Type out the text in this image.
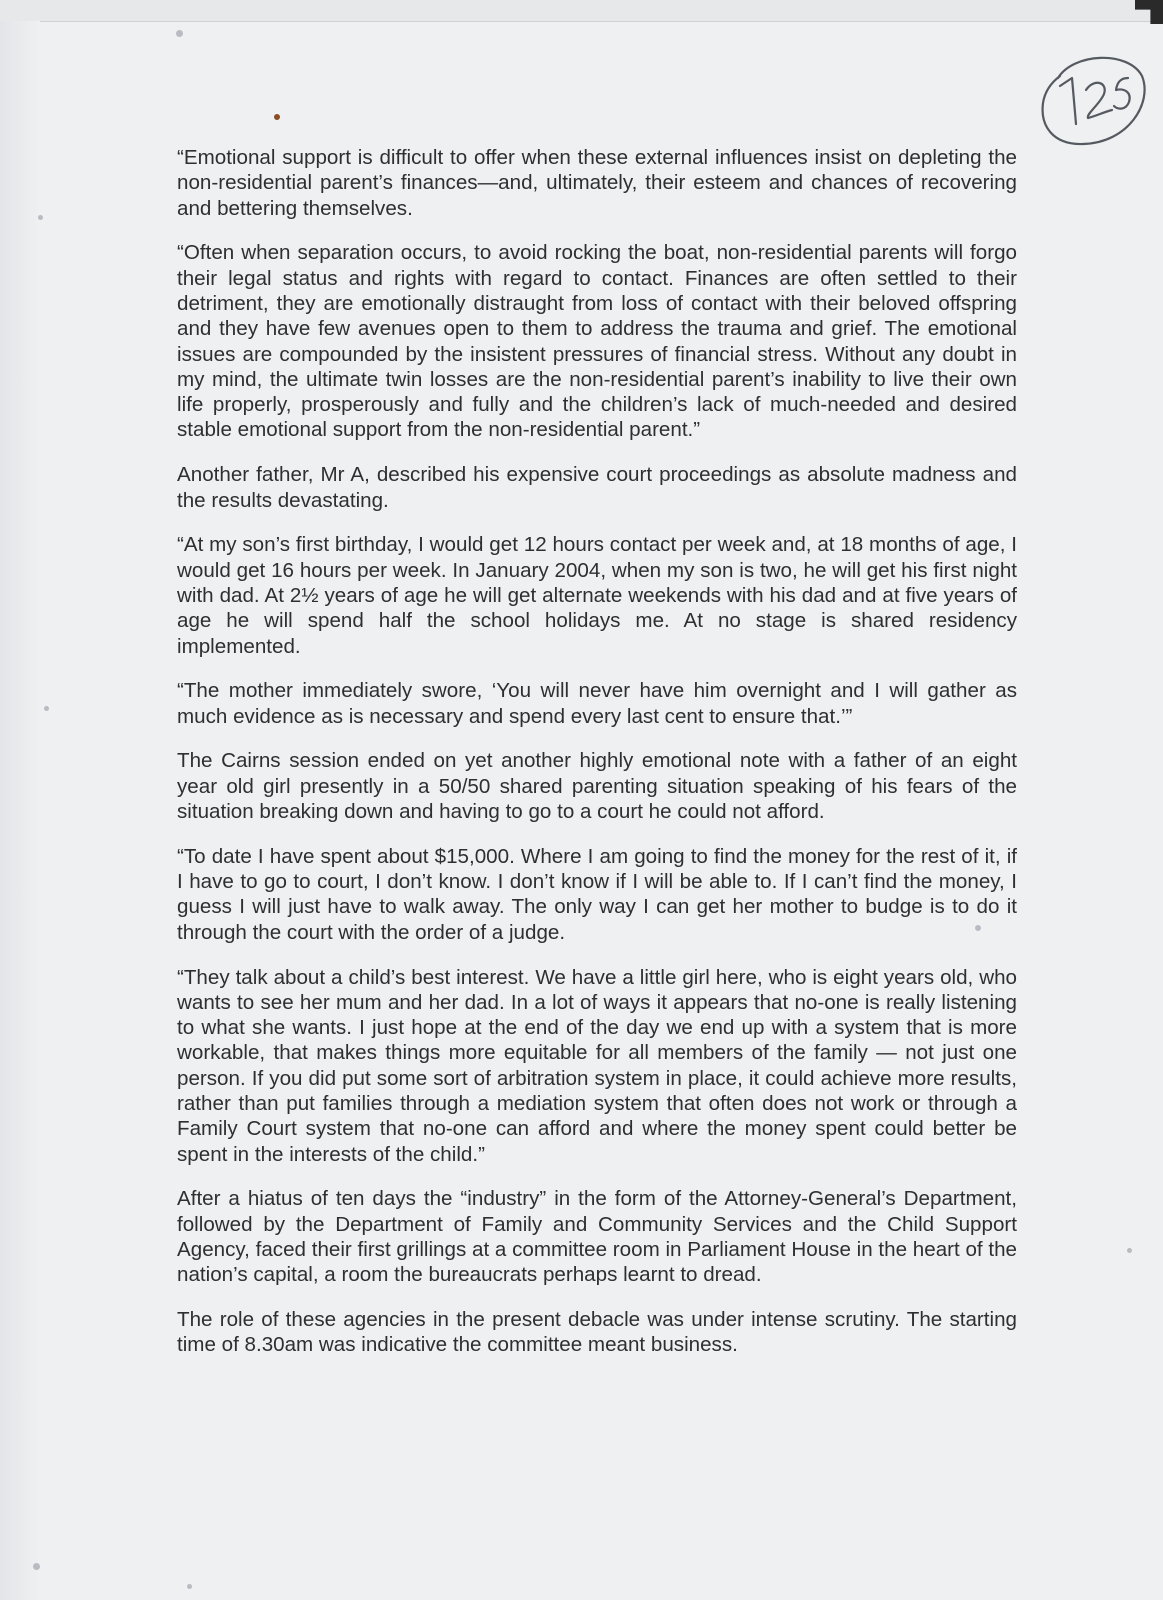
“Emotional support is difficult to offer when these external influences insist on depleting the non-residential parent’s finances—and, ultimately, their esteem and chances of recovering and bettering themselves.

“Often when separation occurs, to avoid rocking the boat, non-residential parents will forgo their legal status and rights with regard to contact. Finances are often settled to their detriment, they are emotionally distraught from loss of contact with their beloved offspring and they have few avenues open to them to address the trauma and grief. The emotional issues are compounded by the insistent pressures of financial stress. Without any doubt in my mind, the ultimate twin losses are the non-residential parent’s inability to live their own life properly, prosperously and fully and the children’s lack of much-needed and desired stable emotional support from the non-residential parent.”

Another father, Mr A, described his expensive court proceedings as absolute madness and the results devastating.

“At my son’s first birthday, I would get 12 hours contact per week and, at 18 months of age, I would get 16 hours per week. In January 2004, when my son is two, he will get his first night with dad. At 2½ years of age he will get alternate weekends with his dad and at five years of age he will spend half the school holidays me. At no stage is shared residency implemented.

“The mother immediately swore, ‘You will never have him overnight and I will gather as much evidence as is necessary and spend every last cent to ensure that.’”

The Cairns session ended on yet another highly emotional note with a father of an eight year old girl presently in a 50/50 shared parenting situation speaking of his fears of the situation breaking down and having to go to a court he could not afford.

“To date I have spent about $15,000. Where I am going to find the money for the rest of it, if I have to go to court, I don’t know. I don’t know if I will be able to. If I can’t find the money, I guess I will just have to walk away. The only way I can get her mother to budge is to do it through the court with the order of a judge.

“They talk about a child’s best interest. We have a little girl here, who is eight years old, who wants to see her mum and her dad. In a lot of ways it appears that no-one is really listening to what she wants. I just hope at the end of the day we end up with a system that is more workable, that makes things more equitable for all members of the family — not just one person. If you did put some sort of arbitration system in place, it could achieve more results, rather than put families through a mediation system that often does not work or through a Family Court system that no-one can afford and where the money spent could better be spent in the interests of the child.”

After a hiatus of ten days the “industry” in the form of the Attorney-General’s Department, followed by the Department of Family and Community Services and the Child Support Agency, faced their first grillings at a committee room in Parliament House in the heart of the nation’s capital, a room the bureaucrats perhaps learnt to dread.

The role of these agencies in the present debacle was under intense scrutiny. The starting time of 8.30am was indicative the committee meant business.
